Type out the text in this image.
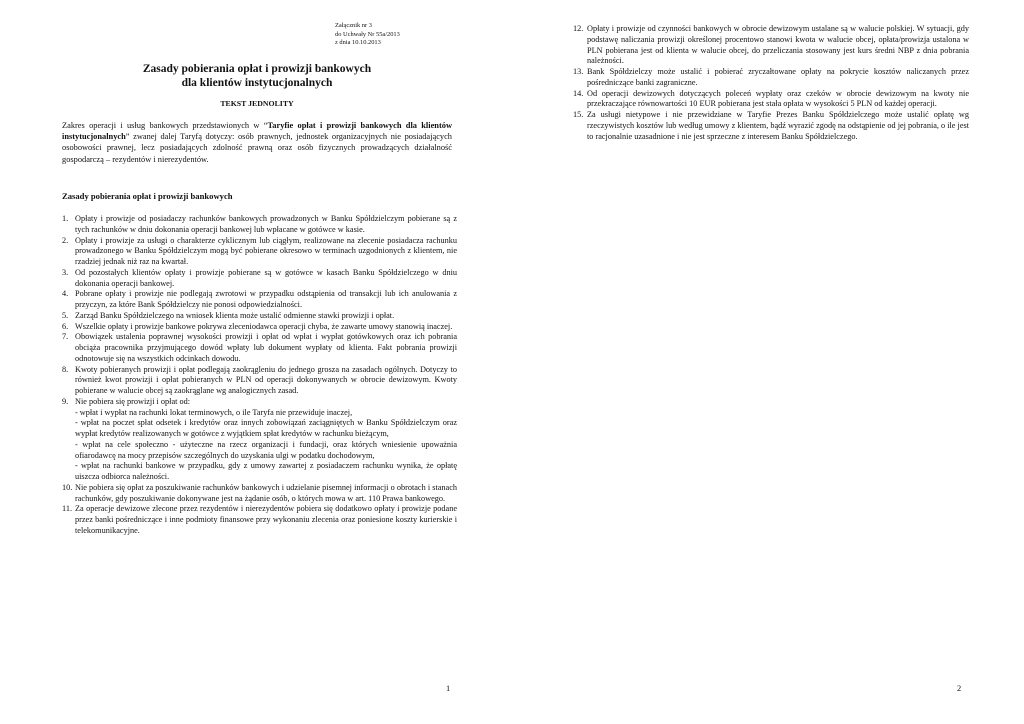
Załącznik nr 3
do Uchwały Nr 55a/2013
z dnia 10.10.2013
Zasady pobierania opłat i prowizji bankowych
dla klientów instytucjonalnych
TEKST JEDNOLITY
Zakres operacji i usług bankowych przedstawionych w “Taryfie opłat i prowizji bankowych dla klientów instytucjonalnych” zwanej dalej Taryfą dotyczy: osób prawnych, jednostek organizacyjnych nie posiadających osobowości prawnej, lecz posiadających zdolność prawną oraz osób fizycznych prowadzących działalność gospodarczą – rezydentów i nierezydentów.
Zasady pobierania opłat i prowizji bankowych
1. Opłaty i prowizje od posiadaczy rachunków bankowych prowadzonych w Banku Spółdzielczym pobierane są z tych rachunków w dniu dokonania operacji bankowej lub wpłacane w gotówce w kasie.
2. Opłaty i prowizje za usługi o charakterze cyklicznym lub ciągłym, realizowane na zlecenie posiadacza rachunku prowadzonego w Banku Spółdzielczym mogą być pobierane okresowo w terminach uzgodnionych z klientem, nie rzadziej jednak niż raz na kwartał.
3. Od pozostałych klientów opłaty i prowizje pobierane są w gotówce w kasach Banku Spółdzielczego w dniu dokonania operacji bankowej.
4. Pobrane opłaty i prowizje nie podlegają zwrotowi w przypadku odstąpienia od transakcji lub ich anulowania z przyczyn, za które Bank Spółdzielczy nie ponosi odpowiedzialności.
5. Zarząd Banku Spółdzielczego na wniosek klienta może ustalić odmienne stawki prowizji i opłat.
6. Wszelkie opłaty i prowizje bankowe pokrywa zleceniodawca operacji chyba, że zawarte umowy stanowią inaczej.
7. Obowiązek ustalenia poprawnej wysokości prowizji i opłat od wpłat i wypłat gotówkowych oraz ich pobrania obciąża pracownika przyjmującego dowód wpłaty lub dokument wypłaty od klienta. Fakt pobrania prowizji odnotowuje się na wszystkich odcinkach dowodu.
8. Kwoty pobieranych prowizji i opłat podlegają zaokrągleniu do jednego grosza na zasadach ogólnych. Dotyczy to również kwot prowizji i opłat pobieranych w PLN od operacji dokonywanych w obrocie dewizowym. Kwoty pobierane w walucie obcej są zaokrąglane wg analogicznych zasad.
9. Nie pobiera się prowizji i opłat od:
- wpłat i wypłat na rachunki lokat terminowych, o ile Taryfa nie przewiduje inaczej,
- wpłat na poczet spłat odsetek i kredytów oraz innych zobowiązań zaciągniętych w Banku Spółdzielczym oraz wypłat kredytów realizowanych w gotówce z wyjątkiem spłat kredytów w rachunku bieżącym,
- wpłat na cele społeczno - użyteczne na rzecz organizacji i fundacji, oraz których wniesienie upoważnia ofiarodawcę na mocy przepisów szczególnych do uzyskania ulgi w podatku dochodowym,
- wpłat na rachunki bankowe w przypadku, gdy z umowy zawartej z posiadaczem rachunku wynika, że opłatę uiszcza odbiorca należności.
10. Nie pobiera się opłat za poszukiwanie rachunków bankowych i udzielanie pisemnej informacji o obrotach i stanach rachunków, gdy poszukiwanie dokonywane jest na żądanie osób, o których mowa w art. 110 Prawa bankowego.
11. Za operacje dewizowe zlecone przez rezydentów i nierezydentów pobiera się dodatkowo opłaty i prowizje podane przez banki pośredniczące i inne podmioty finansowe przy wykonaniu zlecenia oraz poniesione koszty kurierskie i telekomunikacyjne.
12. Opłaty i prowizje od czynności bankowych w obrocie dewizowym ustalane są w walucie polskiej. W sytuacji, gdy podstawę naliczania prowizji określonej procentowo stanowi kwota w walucie obcej, opłata/prowizja ustalona w PLN pobierana jest od klienta w walucie obcej, do przeliczania stosowany jest kurs średni NBP z dnia pobrania należności.
13. Bank Spółdzielczy może ustalić i pobierać zryczałtowane opłaty na pokrycie kosztów naliczanych przez pośredniczące banki zagraniczne.
14. Od operacji dewizowych dotyczących poleceń wypłaty oraz czeków w obrocie dewizowym na kwoty nie przekraczające równowartości 10 EUR pobierana jest stała opłata w wysokości 5 PLN od każdej operacji.
15. Za usługi nietypowe i nie przewidziane w Taryfie Prezes Banku Spółdzielczego może ustalić opłatę wg rzeczywistych kosztów lub według umowy z klientem, bądź wyrazić zgodę na odstąpienie od jej pobrania, o ile jest to racjonalnie uzasadnione i nie jest sprzeczne z interesem Banku Spółdzielczego.
1	2
